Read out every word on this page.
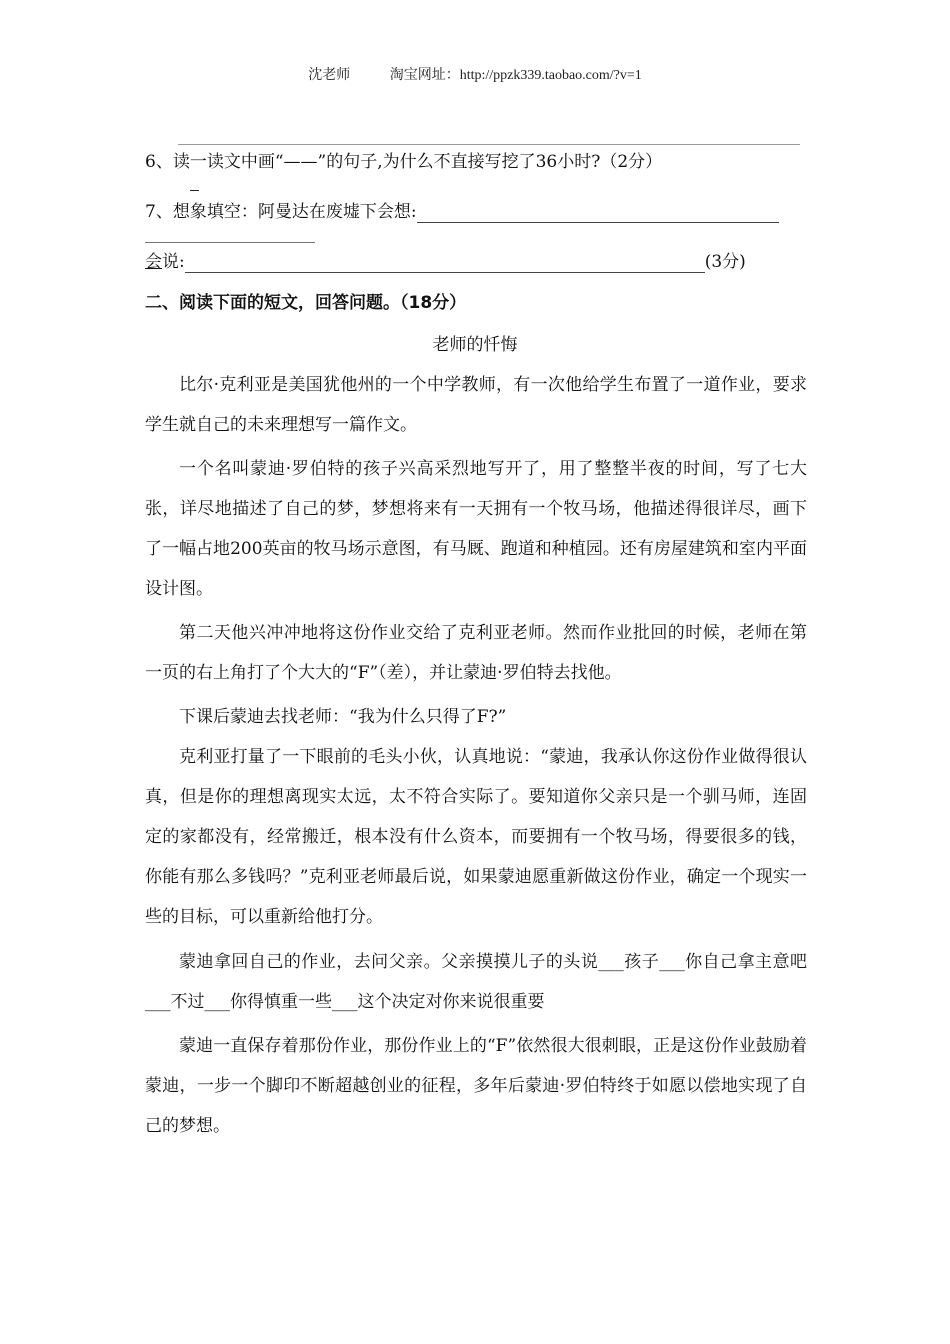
沈老师	淘宝网址：http://ppzk339.taobao.com/?v=1
6、读一读文中画“——”的句子,为什么不直接写挖了36小时?（2分）
7、想象填空：阿曼达在废墟下会想:
会说:	(3分)
二、阅读下面的短文，回答问题。（18分）
老师的忏悔

比尔·克利亚是美国犹他州的一个中学教师，有一次他给学生布置了一道作业，要求学生就自己的未来理想写一篇作文。

一个名叫蒙迪·罗伯特的孩子兴高采烈地写开了，用了整整半夜的时间，写了七大张，详尽地描述了自己的梦，梦想将来有一天拥有一个牧马场，他描述得很详尽，画下了一幅占地200英亩的牧马场示意图，有马厩、跑道和种植园。还有房屋建筑和室内平面设计图。

第二天他兴冲冲地将这份作业交给了克利亚老师。然而作业批回的时候，老师在第一页的右上角打了个大大的“F”（差），并让蒙迪·罗伯特去找他。

下课后蒙迪去找老师：“我为什么只得了F?”

克利亚打量了一下眼前的毛头小伙，认真地说：“蒙迪，我承认你这份作业做得很认真，但是你的理想离现实太远，太不符合实际了。要知道你父亲只是一个驯马师，连固定的家都没有，经常搬迁，根本没有什么资本，而要拥有一个牧马场，得要很多的钱，你能有那么多钱吗？”克利亚老师最后说，如果蒙迪愿重新做这份作业，确定一个现实一些的目标，可以重新给他打分。

蒙迪拿回自己的作业，去问父亲。父亲摸摸儿子的头说___孩子___你自己拿主意吧___不过___你得慎重一些___这个决定对你来说很重要

蒙迪一直保存着那份作业，那份作业上的“F”依然很大很刺眼，正是这份作业鼓励着蒙迪，一步一个脚印不断超越创业的征程，多年后蒙迪·罗伯特终于如愿以偿地实现了自己的梦想。
